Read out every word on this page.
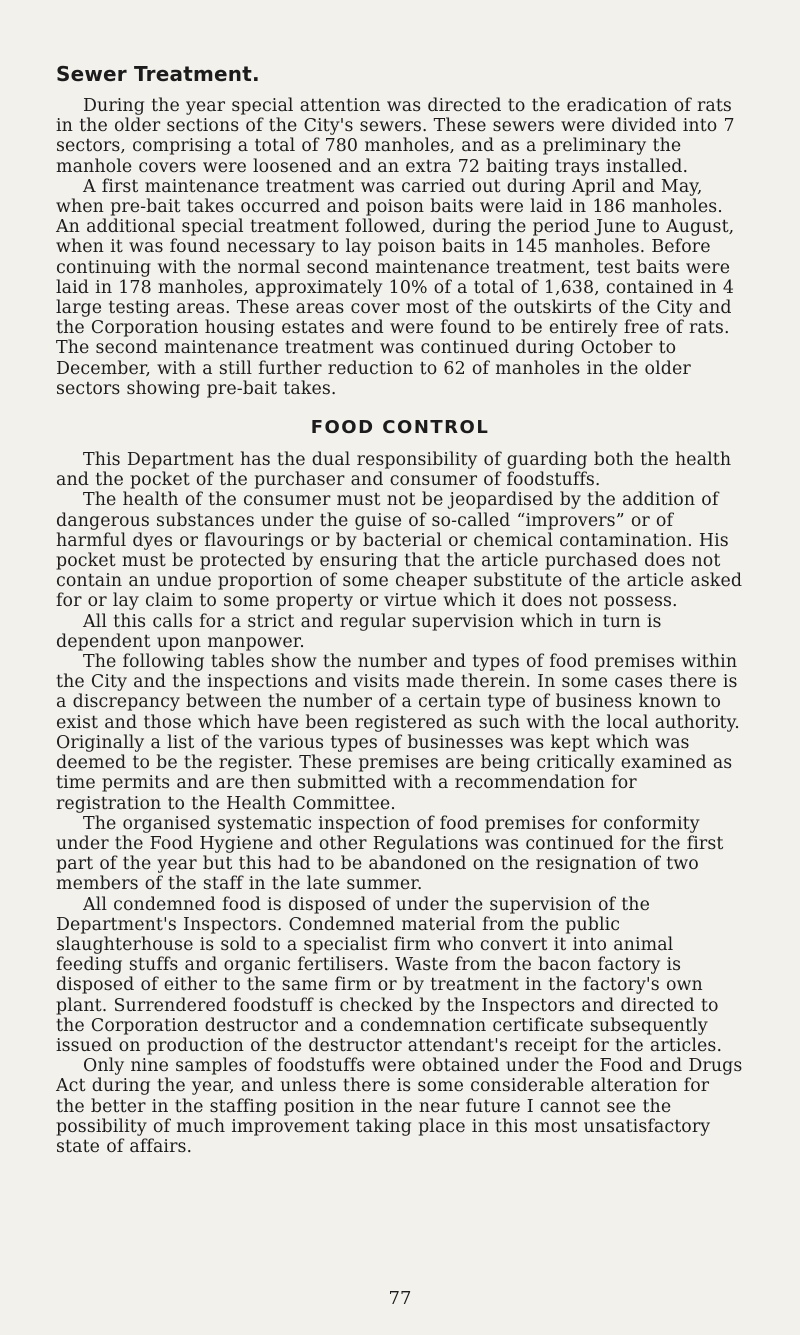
Sewer Treatment.

During the year special attention was directed to the eradication of rats in the older sections of the City's sewers. These sewers were divided into 7 sectors, comprising a total of 780 manholes, and as a preliminary the manhole covers were loosened and an extra 72 baiting trays installed.

A first maintenance treatment was carried out during April and May, when pre-bait takes occurred and poison baits were laid in 186 manholes. An additional special treatment followed, during the period June to August, when it was found necessary to lay poison baits in 145 manholes. Before continuing with the normal second maintenance treatment, test baits were laid in 178 manholes, approximately 10% of a total of 1,638, contained in 4 large testing areas. These areas cover most of the outskirts of the City and the Corporation housing estates and were found to be entirely free of rats. The second maintenance treatment was continued during October to December, with a still further reduction to 62 of manholes in the older sectors showing pre-bait takes.

FOOD CONTROL

This Department has the dual responsibility of guarding both the health and the pocket of the purchaser and consumer of foodstuffs.

The health of the consumer must not be jeopardised by the addition of dangerous substances under the guise of so-called “improvers” or of harmful dyes or flavourings or by bacterial or chemical contamination. His pocket must be protected by ensuring that the article purchased does not contain an undue proportion of some cheaper substitute of the article asked for or lay claim to some property or virtue which it does not possess.

All this calls for a strict and regular supervision which in turn is dependent upon manpower.

The following tables show the number and types of food premises within the City and the inspections and visits made therein. In some cases there is a discrepancy between the number of a certain type of business known to exist and those which have been registered as such with the local authority. Originally a list of the various types of businesses was kept which was deemed to be the register. These premises are being critically examined as time permits and are then submitted with a recommendation for registration to the Health Committee.

The organised systematic inspection of food premises for conformity under the Food Hygiene and other Regulations was continued for the first part of the year but this had to be abandoned on the resignation of two members of the staff in the late summer.

All condemned food is disposed of under the supervision of the Department's Inspectors. Condemned material from the public slaughterhouse is sold to a specialist firm who convert it into animal feeding stuffs and organic fertilisers. Waste from the bacon factory is disposed of either to the same firm or by treatment in the factory's own plant. Surrendered foodstuff is checked by the Inspectors and directed to the Corporation destructor and a condemnation certificate subsequently issued on production of the destructor attendant's receipt for the articles.

Only nine samples of foodstuffs were obtained under the Food and Drugs Act during the year, and unless there is some considerable alteration for the better in the staffing position in the near future I cannot see the possibility of much improvement taking place in this most unsatisfactory state of affairs.

77
